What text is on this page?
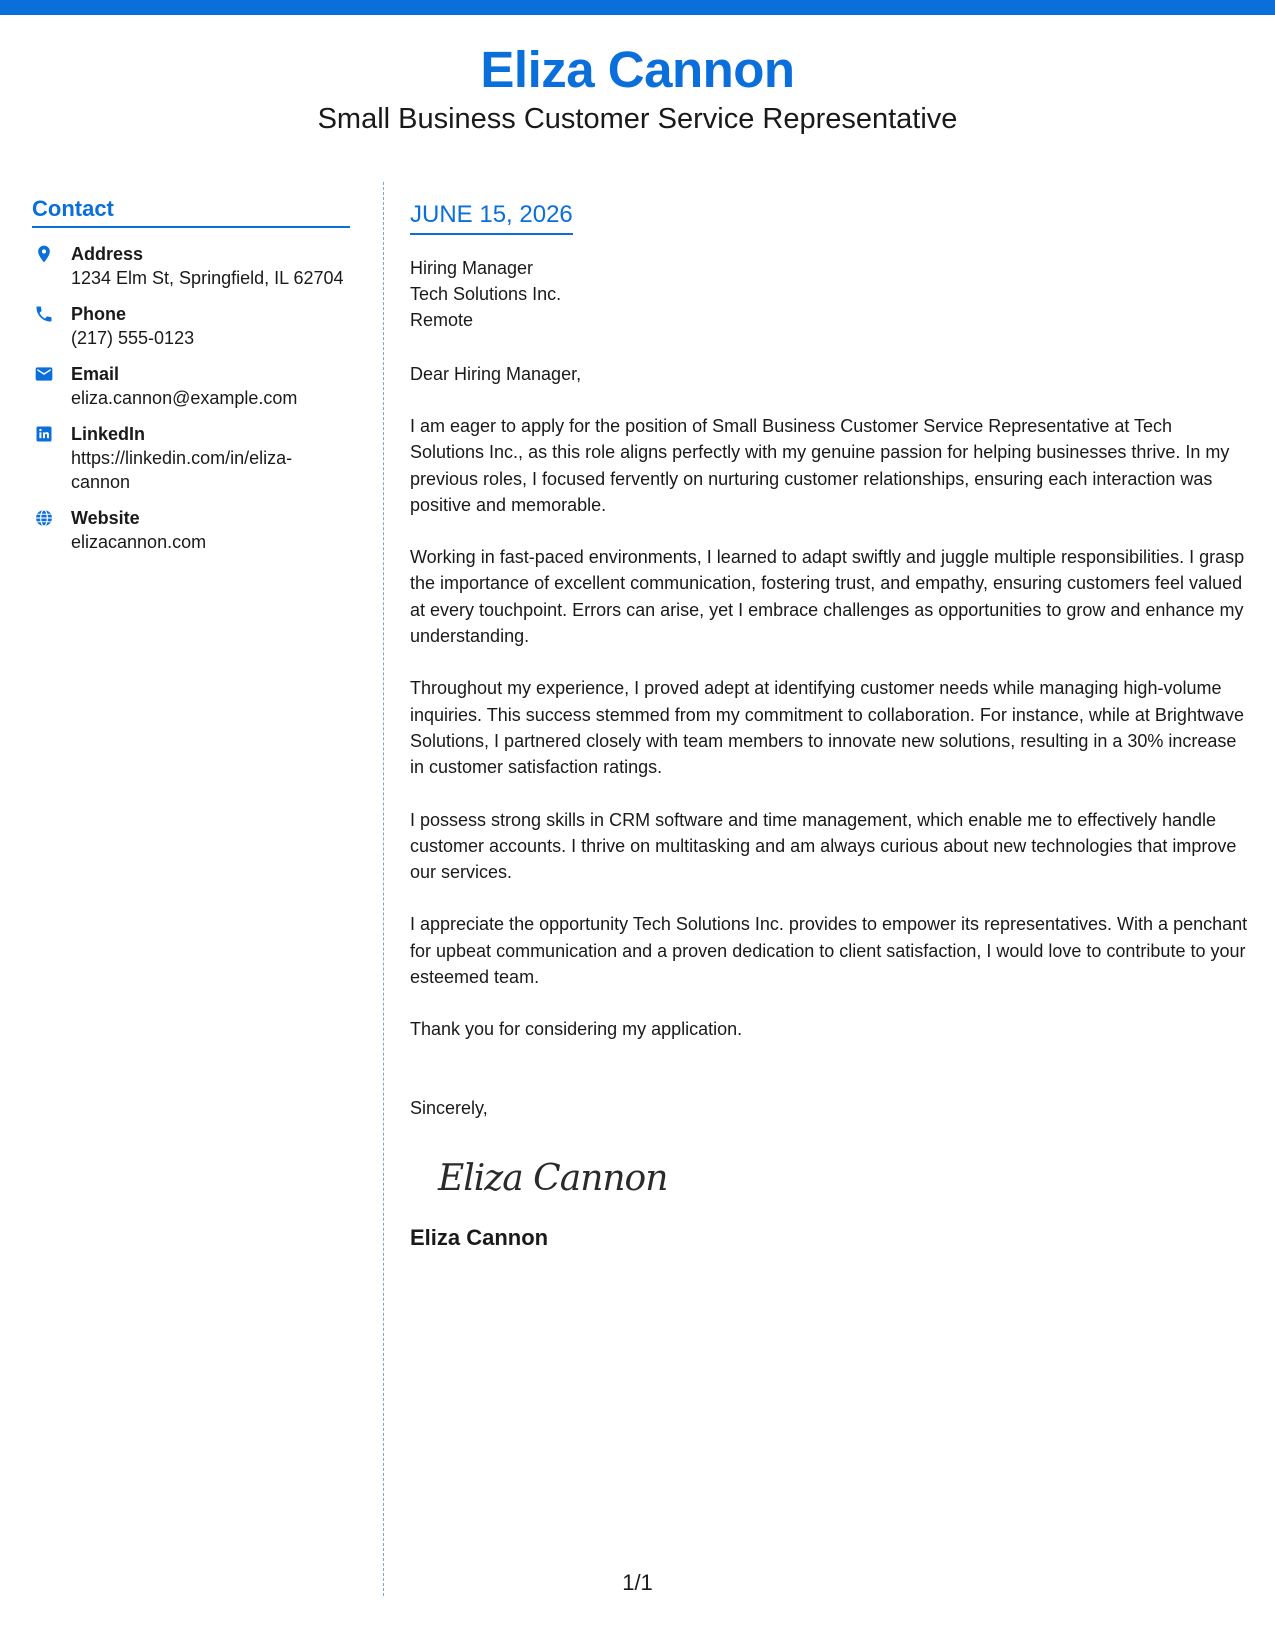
Eliza Cannon
Small Business Customer Service Representative
Contact
Address
1234 Elm St, Springfield, IL 62704
Phone
(217) 555-0123
Email
eliza.cannon@example.com
LinkedIn
https://linkedin.com/in/eliza-cannon
Website
elizacannon.com
JUNE 15, 2026
Hiring Manager
Tech Solutions Inc.
Remote
Dear Hiring Manager,
I am eager to apply for the position of Small Business Customer Service Representative at Tech Solutions Inc., as this role aligns perfectly with my genuine passion for helping businesses thrive. In my previous roles, I focused fervently on nurturing customer relationships, ensuring each interaction was positive and memorable.
Working in fast-paced environments, I learned to adapt swiftly and juggle multiple responsibilities. I grasp the importance of excellent communication, fostering trust, and empathy, ensuring customers feel valued at every touchpoint. Errors can arise, yet I embrace challenges as opportunities to grow and enhance my understanding.
Throughout my experience, I proved adept at identifying customer needs while managing high-volume inquiries. This success stemmed from my commitment to collaboration. For instance, while at Brightwave Solutions, I partnered closely with team members to innovate new solutions, resulting in a 30% increase in customer satisfaction ratings.
I possess strong skills in CRM software and time management, which enable me to effectively handle customer accounts. I thrive on multitasking and am always curious about new technologies that improve our services.
I appreciate the opportunity Tech Solutions Inc. provides to empower its representatives. With a penchant for upbeat communication and a proven dedication to client satisfaction, I would love to contribute to your esteemed team.
Thank you for considering my application.
Sincerely,
Eliza Cannon
Eliza Cannon
1/1
